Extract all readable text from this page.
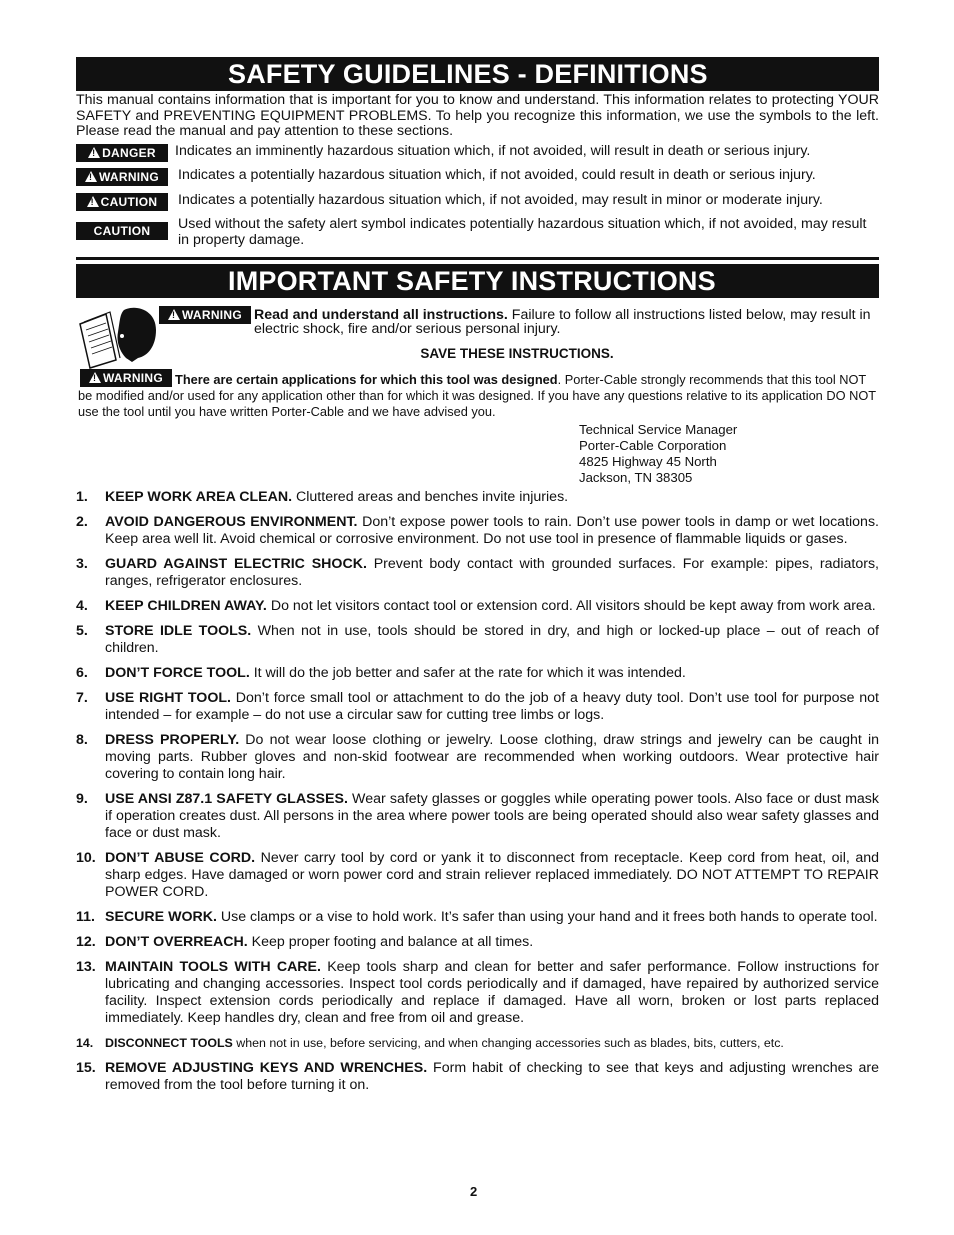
SAFETY GUIDELINES - DEFINITIONS
This manual contains information that is important for you to know and understand. This information relates to protecting YOUR SAFETY and PREVENTING EQUIPMENT PROBLEMS. To help you recognize this information, we use the symbols to the left. Please read the manual and pay attention to these sections.
!DANGER	Indicates an imminently hazardous situation which, if not avoided, will result in death or serious injury.
!WARNING	Indicates a potentially hazardous situation which, if not avoided, could result in death or serious injury.
!CAUTION	Indicates a potentially hazardous situation which, if not avoided, may result in minor or moderate injury.
CAUTION	Used without the safety alert symbol indicates potentially hazardous situation which, if not avoided, may result in property damage.
IMPORTANT SAFETY INSTRUCTIONS
!WARNING Read and understand all instructions. Failure to follow all instructions listed below, may result in electric shock, fire and/or serious personal injury.
SAVE THESE INSTRUCTIONS.
!WARNING There are certain applications for which this tool was designed. Porter-Cable strongly recommends that this tool NOT be modified and/or used for any application other than for which it was designed. If you have any questions relative to its application DO NOT use the tool until you have written Porter-Cable and we have advised you.
Technical Service Manager
Porter-Cable Corporation
4825 Highway 45 North
Jackson, TN 38305
1. KEEP WORK AREA CLEAN. Cluttered areas and benches invite injuries.
2. AVOID DANGEROUS ENVIRONMENT. Don’t expose power tools to rain. Don’t use power tools in damp or wet locations. Keep area well lit. Avoid chemical or corrosive environment. Do not use tool in presence of flammable liquids or gases.
3. GUARD AGAINST ELECTRIC SHOCK. Prevent body contact with grounded surfaces. For example: pipes, radiators, ranges, refrigerator enclosures.
4. KEEP CHILDREN AWAY. Do not let visitors contact tool or extension cord. All visitors should be kept away from work area.
5. STORE IDLE TOOLS. When not in use, tools should be stored in dry, and high or locked-up place – out of reach of children.
6. DON’T FORCE TOOL. It will do the job better and safer at the rate for which it was intended.
7. USE RIGHT TOOL. Don’t force small tool or attachment to do the job of a heavy duty tool. Don’t use tool for purpose not intended – for example – do not use a circular saw for cutting tree limbs or logs.
8. DRESS PROPERLY. Do not wear loose clothing or jewelry. Loose clothing, draw strings and jewelry can be caught in moving parts. Rubber gloves and non-skid footwear are recommended when working outdoors. Wear protective hair covering to contain long hair.
9. USE ANSI Z87.1 SAFETY GLASSES. Wear safety glasses or goggles while operating power tools. Also face or dust mask if operation creates dust. All persons in the area where power tools are being operated should also wear safety glasses and face or dust mask.
10. DON’T ABUSE CORD. Never carry tool by cord or yank it to disconnect from receptacle. Keep cord from heat, oil, and sharp edges. Have damaged or worn power cord and strain reliever replaced immediately. DO NOT ATTEMPT TO REPAIR POWER CORD.
11. SECURE WORK. Use clamps or a vise to hold work. It’s safer than using your hand and it frees both hands to operate tool.
12. DON’T OVERREACH. Keep proper footing and balance at all times.
13. MAINTAIN TOOLS WITH CARE. Keep tools sharp and clean for better and safer performance. Follow instructions for lubricating and changing accessories. Inspect tool cords periodically and if damaged, have repaired by authorized service facility. Inspect extension cords periodically and replace if damaged. Have all worn, broken or lost parts replaced immediately. Keep handles dry, clean and free from oil and grease.
14. DISCONNECT TOOLS when not in use, before servicing, and when changing accessories such as blades, bits, cutters, etc.
15. REMOVE ADJUSTING KEYS AND WRENCHES. Form habit of checking to see that keys and adjusting wrenches are removed from the tool before turning it on.
2
